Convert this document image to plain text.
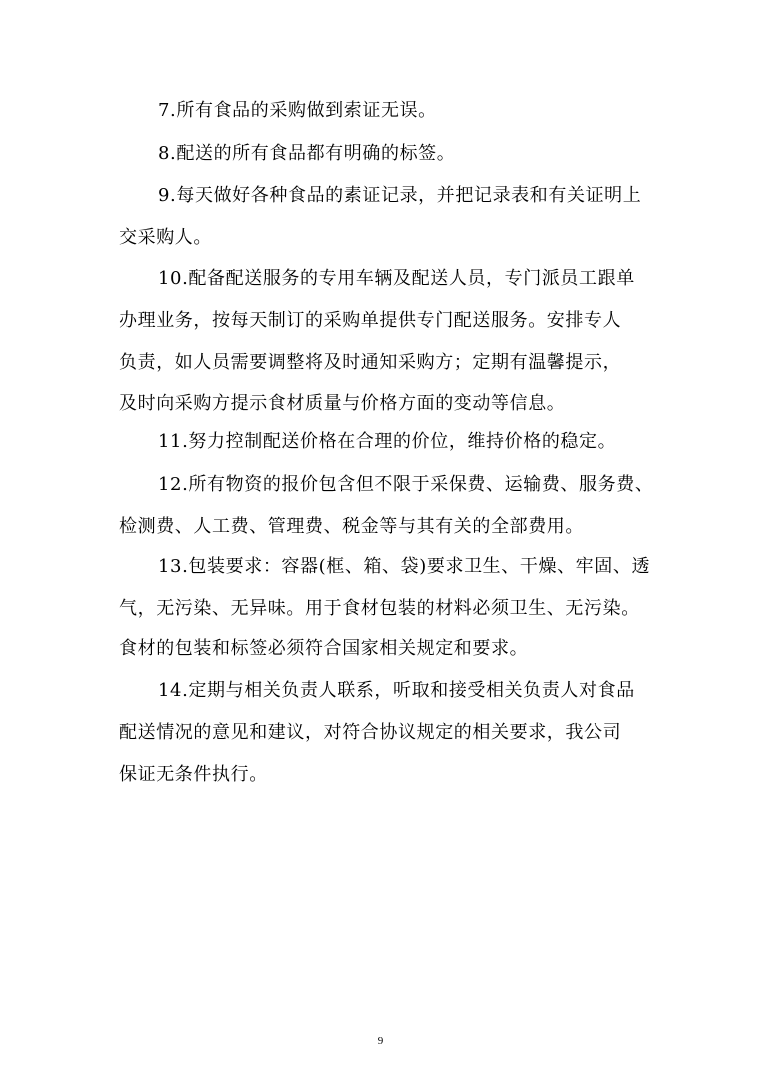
7.所有食品的采购做到索证无误。
8.配送的所有食品都有明确的标签。
9.每天做好各种食品的素证记录，并把记录表和有关证明上
交采购人。
10.配备配送服务的专用车辆及配送人员，专门派员工跟单
办理业务，按每天制订的采购单提供专门配送服务。安排专人
负责，如人员需要调整将及时通知采购方；定期有温馨提示，
及时向采购方提示食材质量与价格方面的变动等信息。
11.努力控制配送价格在合理的价位，维持价格的稳定。
12.所有物资的报价包含但不限于采保费、运输费、服务费、
检测费、人工费、管理费、税金等与其有关的全部费用。
13.包装要求：容器(框、箱、袋)要求卫生、干燥、牢固、透
气，无污染、无异味。用于食材包装的材料必须卫生、无污染。
食材的包装和标签必须符合国家相关规定和要求。
14.定期与相关负责人联系，听取和接受相关负责人对食品
配送情况的意见和建议，对符合协议规定的相关要求，我公司
保证无条件执行。
9
